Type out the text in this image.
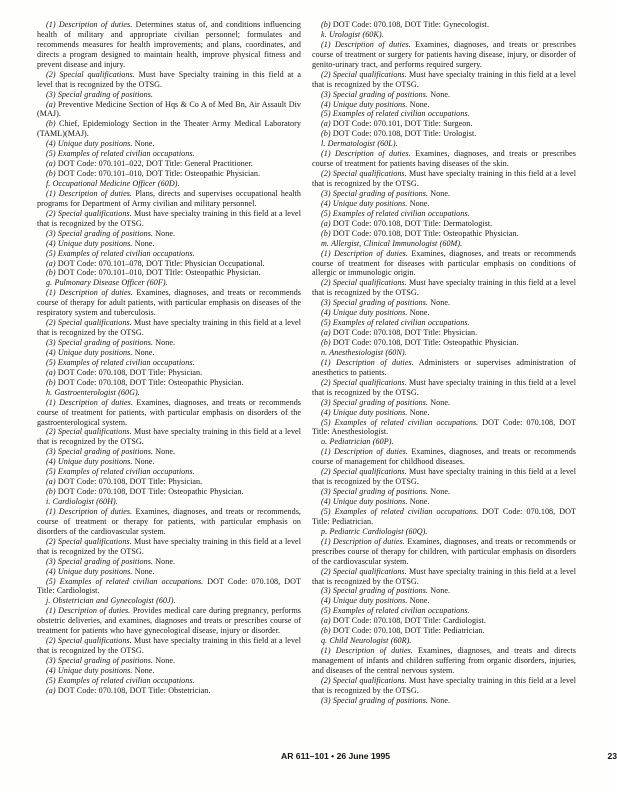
(1) Description of duties. Determines status of, and conditions influencing health of military and appropriate civilian personnel; formulates and recommends measures for health improvements; and plans, coordinates, and directs a program designed to maintain health, improve physical fitness and prevent disease and injury.

(2) Special qualifications. Must have Specialty training in this field at a level that is recognized by the OTSG.

(3) Special grading of positions.

(a) Preventive Medicine Section of Hqs & Co A of Med Bn, Air Assault Div (MAJ).

(b) Chief, Epidemiology Section in the Theater Army Medical Laboratory (TAML)(MAJ).

(4) Unique duty positions. None.

(5) Examples of related civilian occupations.

(a) DOT Code: 070.101–022, DOT Title: General Practitioner.

(b) DOT Code: 070.101–010, DOT Title: Osteopathic Physician.

f. Occupational Medicine Officer (60D).

(1) Description of duties. Plans, directs and supervises occupational health programs for Department of Army civilian and military personnel.

(2) Special qualifications. Must have specialty training in this field at a level that is recognized by the OTSG.

(3) Special grading of positions. None.

(4) Unique duty positions. None.

(5) Examples of related civilian occupations.

(a) DOT Code: 070.101–078, DOT Title: Physician Occupational.

(b) DOT Code: 070.101–010, DOT TItle: Osteopathic Physician.

g. Pulmonary Disease Officer (60F).

(1) Description of duties. Examines, diagnoses, and treats or recommends course of therapy for adult patients, with particular emphasis on diseases of the respiratory system and tuberculosis.

(2) Special qualifications. Must have specialty training in this field at a level that is recognized by the OTSG.

(3) Special grading of positions. None.

(4) Unique duty positions. None.

(5) Examples of related civilian occupations.

(a) DOT Code: 070.108, DOT Title: Physician.

(b) DOT Code: 070.108, DOT Title: Osteopathic Physician.

h. Gastroenterologist (60G).

(1) Description of duties. Examines, diagnoses, and treats or recommends course of treatment for patients, with particular emphasis on disorders of the gastroenterological system.

(2) Special qualifications. Must have specialty training in this field at a level that is recognized by the OTSG.

(3) Special grading of positions. None.

(4) Unique duty positions. None.

(5) Examples of related civilian occupations.

(a) DOT Code: 070.108, DOT Title: Physician.

(b) DOT Code: 070.108, DOT Title: Osteopathic Physician.

i. Cardiologist (60H).

(1) Description of duties. Examines, diagnoses, and treats or recommends, course of treatment or therapy for patients, with particular emphasis on disorders of the cardiovascular system.

(2) Special qualifications. Must have specialty training in this field at a level that is recognized by the OTSG.

(3) Special grading of positions. None.

(4) Unique duty positions. None.

(5) Examples of related civilian occupations. DOT Code: 070.108, DOT Title: Cardiologist.

j. Obstetrician and Gynecologist (60J).

(1) Description of duties. Provides medical care during pregnancy, performs obstetric deliveries, and examines, diagnoses and treats or prescribes course of treatment for patients who have gynecological disease, injury or disorder.

(2) Special qualifications. Must have specialty training in this field at a level that is recognized by the OTSG.

(3) Special grading of positions. None.

(4) Unique duty positions. None.

(5) Examples of related civilian occupations.

(a) DOT Code: 070.108, DOT Title: Obstetrician.

(b) DOT Code: 070.108, DOT Title: Gynecologist.

k. Urologist (60K).

(1) Description of duties. Examines, diagnoses, and treats or prescribes course of treatment or surgery for patients having disease, injury, or disorder of genito-urinary tract, and performs required surgery.

(2) Special qualifications. Must have specialty training in this field at a level that is recognized by the OTSG.

(3) Special grading of positions. None.

(4) Unique duty positions. None.

(5) Examples of related civilian occupations.

(a) DOT Code: 070.101, DOT Title: Surgeon.

(b) DOT Code: 070.108, DOT Title: Urologist.

l. Dermatologist (60L).

(1) Description of duties. Examines, diagnoses, and treats or prescribes course of treatment for patients having diseases of the skin.

(2) Special qualifications. Must have specialty training in this field at a level that is recognized by the OTSG.

(3) Special grading of positions. None.

(4) Unique duty positions. None.

(5) Examples of related civilian occupations.

(a) DOT Code: 070.108, DOT Title: Dermatologist.

(b) DOT Code: 070.108, DOT Title: Osteopathic Physician.

m. Allergist, Clinical Immunologist (60M).

(1) Description of duties. Examines, diagnoses, and treats or recommends course of treatment for diseases with particular emphasis on conditions of allergic or immunologic origin.

(2) Special qualifications. Must have specialty training in this field at a level that is recognized by the OTSG.

(3) Special grading of positions. None.

(4) Unique duty positions. None.

(5) Examples of related civilian occupations.

(a) DOT Code: 070.108, DOT Title: Physician.

(b) DOT Code: 070.108, DOT Title: Osteopathic Physician.

n. Anesthesiologist (60N).

(1) Description of duties. Administers or supervises administration of anesthetics to patients.

(2) Special qualifications. Must have specialty training in this field at a level that is recognized by the OTSG.

(3) Special grading of positions. None.

(4) Unique duty positions. None.

(5) Examples of related civilian occupations. DOT Code: 070.108, DOT Title: Anesthesiologist.

o. Pediatrician (60P).

(1) Description of duties. Examines, diagnoses, and treats or recommends course of management for childhood diseases.

(2) Special qualifications. Must have specialty training in this field at a level that is recognized by the OTSG.

(3) Special grading of positions. None.

(4) Unique duty positions. None.

(5) Examples of related civilian occupations. DOT Code: 070.108, DOT Title: Pediatrician.

p. Pediatric Cardiologist (60Q).

(1) Description of duties. Examines, diagnoses, and treats or recommends or prescribes course of therapy for children, with particular emphasis on disorders of the cardiovascular system.

(2) Special qualifications. Must have specialty training in this field at a level that is recognized by the OTSG.

(3) Special grading of positions. None.

(4) Unique duty positions. None.

(5) Examples of related civilian occupations.

(a) DOT Code: 070.108, DOT Title: Cardiologist.

(b) DOT Code: 070.108, DOT Title: Pediatrician.

q. Child Neurologist (60R).

(1) Description of duties. Examines, diagnoses, and treats and directs management of infants and children suffering from organic disorders, injuries, and diseases of the central nervous system.

(2) Special qualifications. Must have specialty training in this field at a level that is recognized by the OTSG.

(3) Special grading of positions. None.

AR 611–101 • 26 June 1995	23
